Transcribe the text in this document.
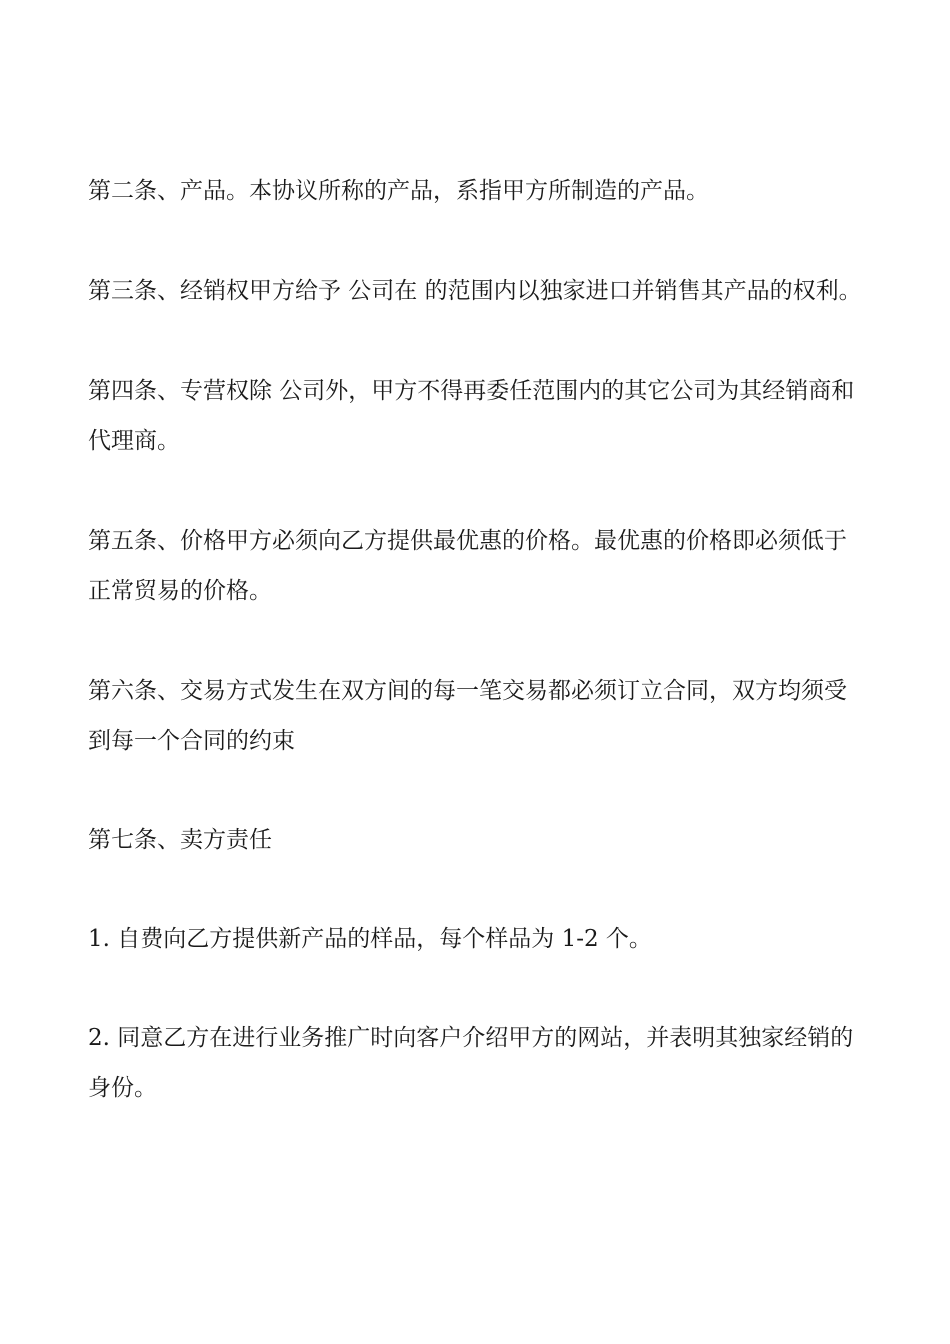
第二条、产品。本协议所称的产品，系指甲方所制造的产品。

第三条、经销权甲方给予 公司在 的范围内以独家进口并销售其产品的权利。

第四条、专营权除 公司外，甲方不得再委任范围内的其它公司为其经销商和代理商。

第五条、价格甲方必须向乙方提供最优惠的价格。最优惠的价格即必须低于正常贸易的价格。

第六条、交易方式发生在双方间的每一笔交易都必须订立合同，双方均须受到每一个合同的约束

第七条、卖方责任

1. 自费向乙方提供新产品的样品，每个样品为 1-2 个。

2. 同意乙方在进行业务推广时向客户介绍甲方的网站，并表明其独家经销的身份。
